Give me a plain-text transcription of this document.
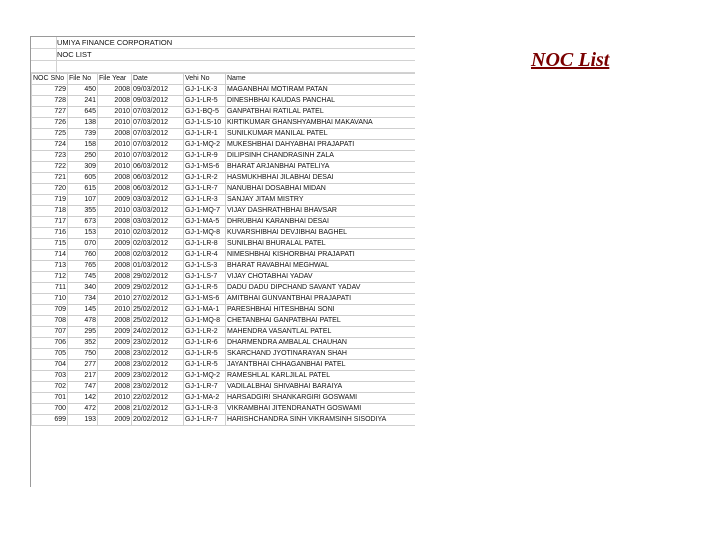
UMIYA FINANCE CORPORATION
NOC LIST
NOC SNo	File No	File Year	Date	Vehi No	Name
729	450	2008	09/03/2012	GJ-1-LK-3	MAGANBHAI MOTIRAM PATAN
728	241	2008	09/03/2012	GJ-1-LR-5	DINESHBHAI KAUDAS PANCHAL
727	645	2010	07/03/2012	GJ-1-BQ-5	GANPATBHAI RATILAL PATEL
726	138	2010	07/03/2012	GJ-1-LS-10	KIRTIKUMAR GHANSHYAMBHAI MAKAVANA
725	739	2008	07/03/2012	GJ-1-LR-1	SUNILKUMAR MANILAL PATEL
724	158	2010	07/03/2012	GJ-1-MQ-2	MUKESHBHAI DAHYABHAI PRAJAPATI
723	250	2010	07/03/2012	GJ-1-LR-9	DILIPSINH CHANDRASINH ZALA
722	309	2010	06/03/2012	GJ-1-MS-6	BHARAT ARJANBHAI PATELIYA
721	605	2008	06/03/2012	GJ-1-LR-2	HASMUKHBHAI JILABHAI DESAI
720	615	2008	06/03/2012	GJ-1-LR-7	NANUBHAI DOSABHAI MIDAN
719	107	2009	03/03/2012	GJ-1-LR-3	SANJAY JITAM MISTRY
718	355	2010	03/03/2012	GJ-1-MQ-7	VIJAY DASHRATHBHAI BHAVSAR
717	673	2008	03/03/2012	GJ-1-MA-5	DHRUBHAI KARANBHAI DESAI
716	153	2010	02/03/2012	GJ-1-MQ-8	KUVARSHIBHAI DEVJIBHAI BAGHEL
715	070	2009	02/03/2012	GJ-1-LR-8	SUNILBHAI BHURALAL PATEL
714	760	2008	02/03/2012	GJ-1-LR-4	NIMESHBHAI KISHORBHAI PRAJAPATI
713	765	2008	01/03/2012	GJ-1-LS-3	BHARAT RAVABHAI MEGHWAL
712	745	2008	29/02/2012	GJ-1-LS-7	VIJAY CHOTABHAI YADAV
711	340	2009	29/02/2012	GJ-1-LR-5	DADU DADU DIPCHAND SAVANT YADAV
710	734	2010	27/02/2012	GJ-1-MS-6	AMITBHAI GUNVANTBHAI PRAJAPATI
709	145	2010	25/02/2012	GJ-1-MA-1	PARESHBHAI HITESHBHAI SONI
708	478	2008	25/02/2012	GJ-1-MQ-8	CHETANBHAI GANPATBHAI PATEL
707	295	2009	24/02/2012	GJ-1-LR-2	MAHENDRA VASANTLAL PATEL
706	352	2009	23/02/2012	GJ-1-LR-6	DHARMENDRA AMBALAL CHAUHAN
705	750	2008	23/02/2012	GJ-1-LR-5	SKARCHAND JYOTINARAYAN SHAH
704	277	2008	23/02/2012	GJ-1-LR-5	JAYANTBHAI CHHAGANBHAI PATEL
703	217	2009	23/02/2012	GJ-1-MQ-2	RAMESHLAL KARLJILAL PATEL
702	747	2008	23/02/2012	GJ-1-LR-7	VADILALBHAI SHIVABHAI BARAIYA
701	142	2010	22/02/2012	GJ-1-MA-2	HARSADGIRI SHANKARGIRI GOSWAMI
700	472	2008	21/02/2012	GJ-1-LR-3	VIKRAMBHAI JITENDRANATH GOSWAMI
699	193	2009	20/02/2012	GJ-1-LR-7	HARISHCHANDRA SINH VIKRAMSINH SISODIYA
NOC List
